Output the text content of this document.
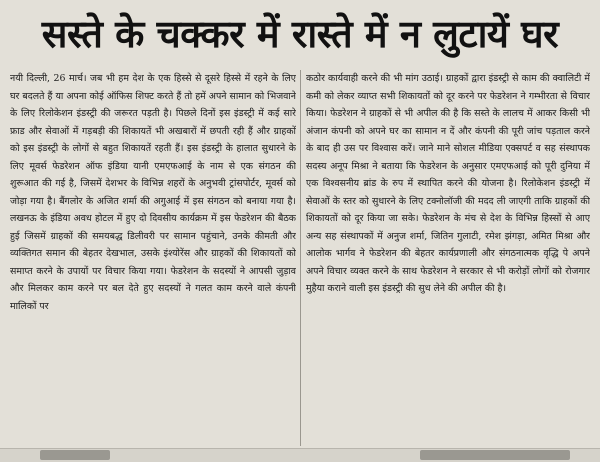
सस्ते के चक्कर में रास्ते में न लुटायें घर

नयी दिल्ली, 26 मार्च। जब भी हम देश के एक हिस्से से दूसरे हिस्से में रहने के लिए घर बदलते हैं या अपना कोई ऑफिस शिफ्ट करते हैं तो हमें अपने सामान को भिजवाने के लिए रिलोकेशन इंडस्ट्री की जरूरत पड़ती है। पिछले दिनों इस इंडस्ट्री में कई सारे फ्राड और सेवाओं में गड़बड़ी की शिकायतें भी अखबारों में छपती रही हैं और ग्राहकों को इस इंडस्ट्री के लोगों से बहुत शिकायतें रहती हैं। इस इंडस्ट्री के हालात सुधारने के लिए मूवर्स फेडरेशन ऑफ इंडिया यानी एमएफआई के नाम से एक संगठन की शुरूआत की गई है, जिसमें देशभर के विभिन्न शहरों के अनुभवी ट्रांसपोर्टर, मूवर्स को जोड़ा गया है। बैंगलोर के अजित शर्मा की अगुआई में इस संगठन को बनाया गया है। लखनऊ के इंडिया अवध होटल में हुए दो दिवसीय कार्यक्रम में इस फेडरेशन की बैठक हुई जिसमें ग्राहकों की समयबद्ध डिलीवरी पर सामान पहुंचाने, उनके कीमती और व्यक्तिगत समान की बेहतर देखभाल, उसके इंश्योरेंस और ग्राहकों की शिकायतों को समाप्त करने के उपायों पर विचार किया गया। फेडरेशन के सदस्यों ने आपसी जुड़ाव और मिलकर काम करने पर बल देते हुए सदस्यों ने गलत काम करने वाले कंपनी मालिकों पर

कठोर कार्यवाही करने की भी मांग उठाई। ग्राहकों द्वारा इंडस्ट्री से काम की क्वालिटी में कमी को लेकर व्याप्त सभी शिकायतों को दूर करने पर फेडरेशन ने गम्भीरता से विचार किया। फेडरेशन ने ग्राहकों से भी अपील की है कि सस्ते के लालच में आकर किसी भी अंजान कंपनी को अपने घर का सामान न दें और कंपनी की पूरी जांच पड़ताल करने के बाद ही उस पर विश्वास करें। जाने माने सोशल मीडिया एक्सपर्ट व सह संस्थापक सदस्य अनूप मिश्रा ने बताया कि फेडरेशन के अनुसार एमएफआई को पूरी दुनिया में एक विश्वसनीय ब्रांड के रुप में स्थापित करने की योजना है। रिलोकेशन इंडस्ट्री में सेवाओं के स्तर को सुधारने के लिए टक्नोलॉजी की मदद ली जाएगी ताकि ग्राहकों की शिकायतों को दूर किया जा सके। फेडरेशन के मंच से देश के विभिन्न हिस्सों से आए अन्य सह संस्थापकों में अनुज शर्मा, जितिन गुलाटी, रमेश झंगड़ा, अमित मिश्रा और आलोक भार्गव ने फेडरेशन की बेहतर कार्यप्रणाली और संगठनात्मक वृद्धि पे अपने अपने विचार व्यक्त करने के साथ फेडरेशन ने सरकार से भी करोड़ों लोगों को रोजगार मुहैया कराने वाली इस इंडस्ट्री की सुध लेने की अपील की है।
